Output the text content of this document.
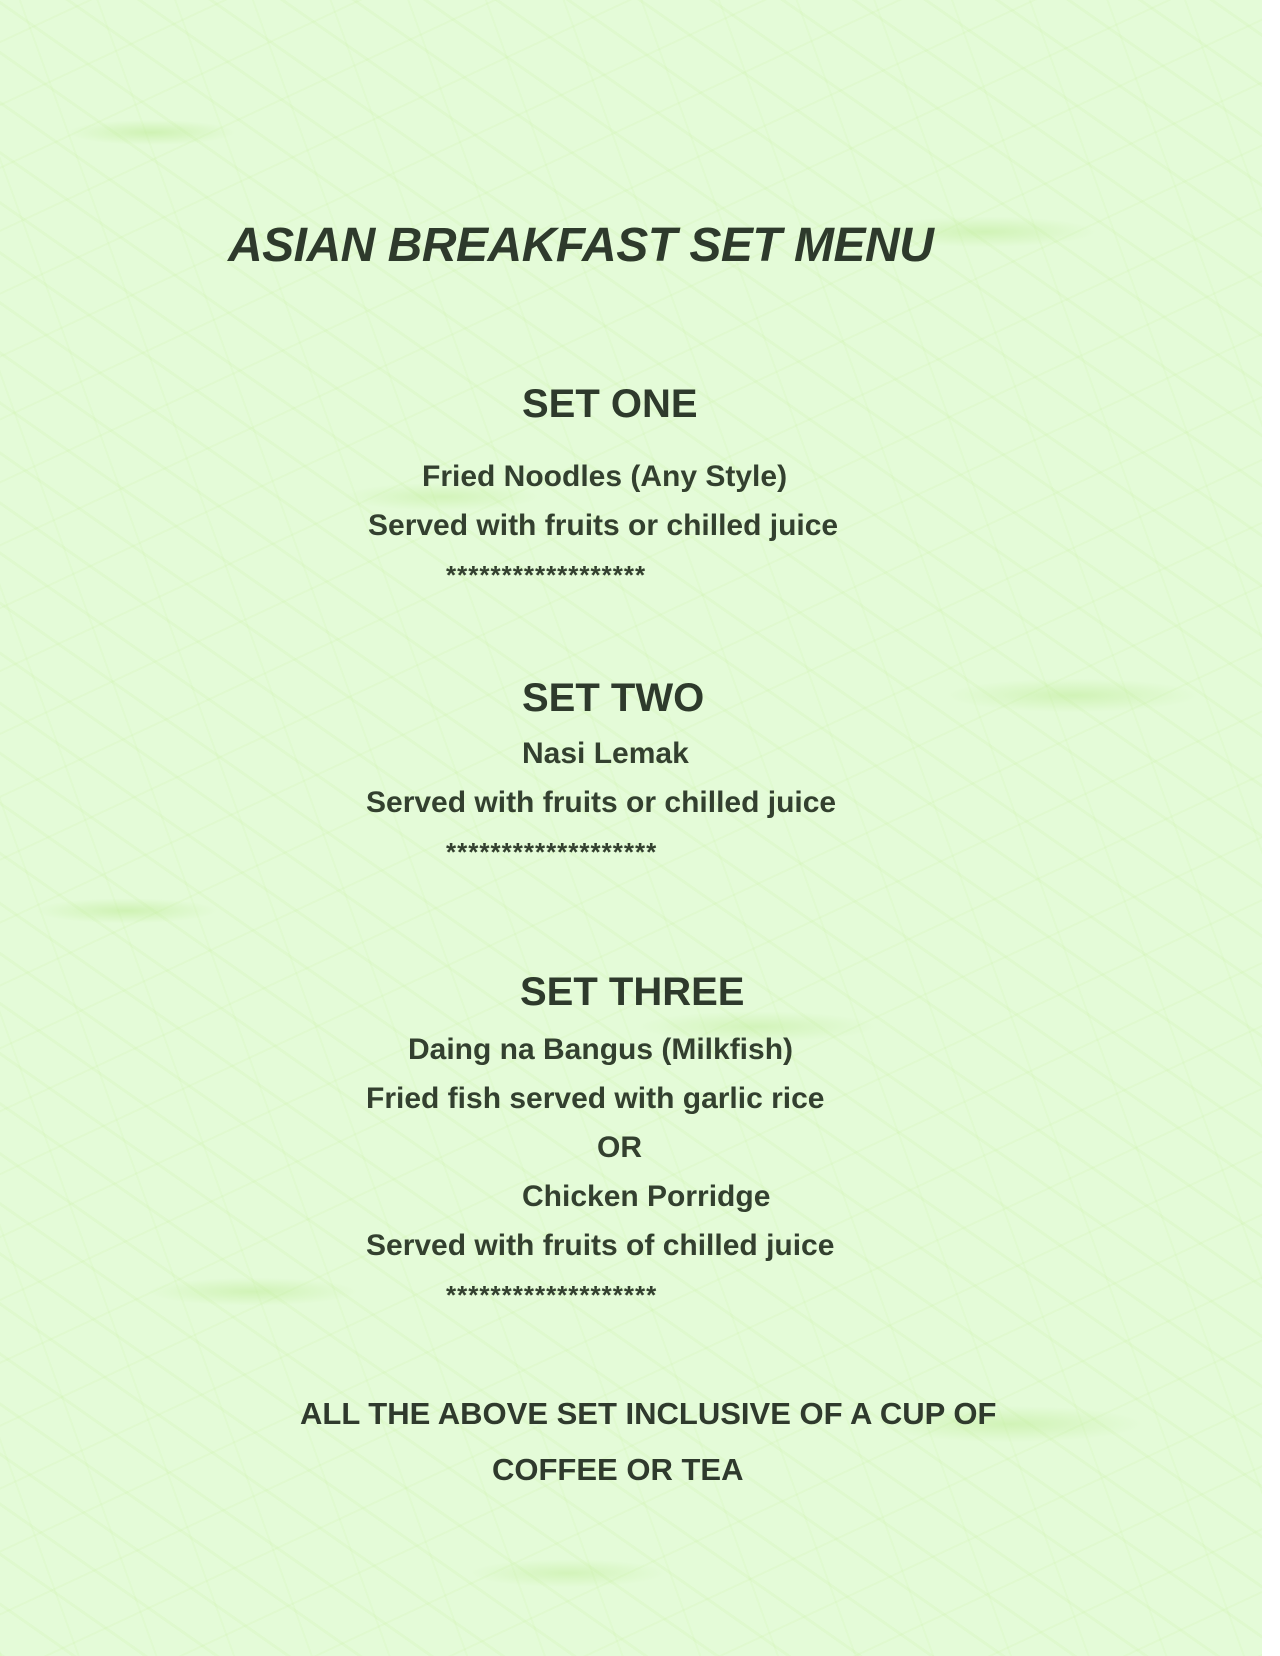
ASIAN BREAKFAST SET MENU

SET ONE

Fried Noodles (Any Style)

Served with fruits or chilled juice

******************

SET TWO

Nasi Lemak

Served with fruits or chilled juice

*******************

SET THREE

Daing na Bangus (Milkfish)

Fried fish served with garlic rice

OR

Chicken Porridge

Served with fruits of chilled juice

*******************

ALL THE ABOVE SET INCLUSIVE OF A CUP OF

COFFEE OR TEA
